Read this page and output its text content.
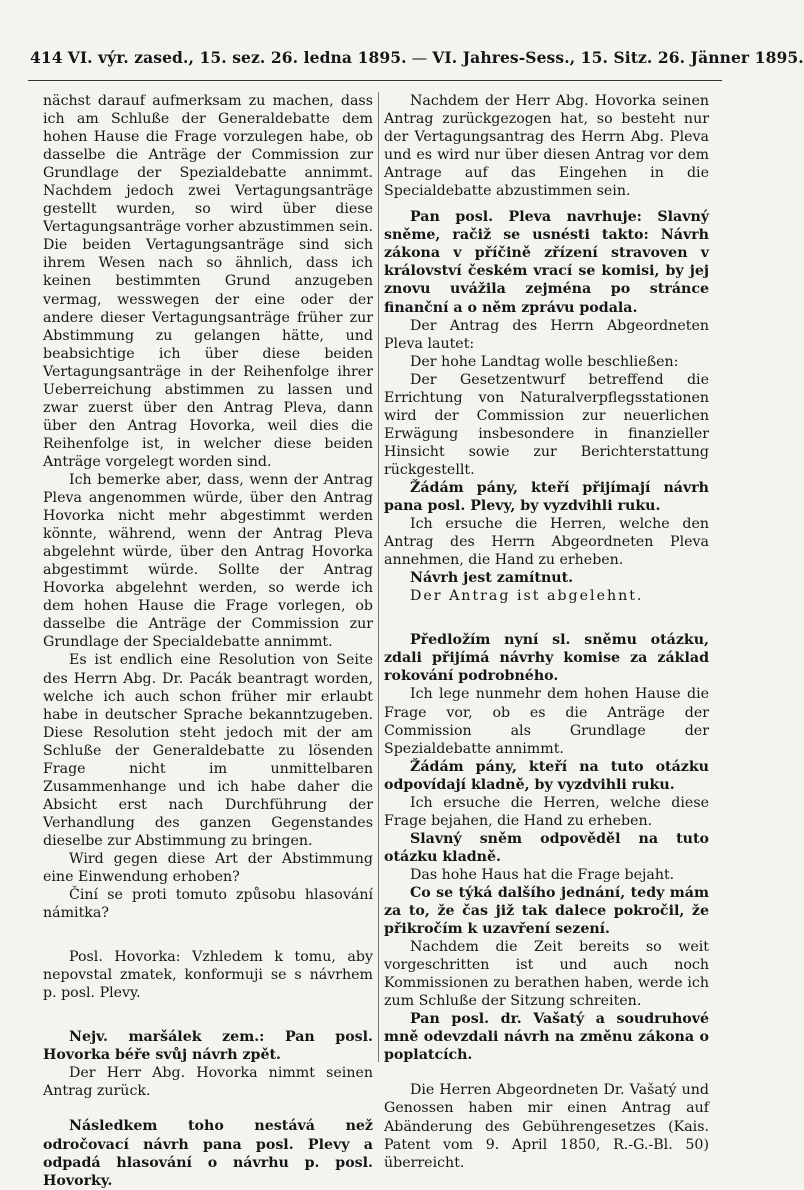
414 VI. výr. zased., 15. sez. 26. ledna 1895. — VI. Jahres-Sess., 15. Sitz. 26. Jänner 1895.

nächst darauf aufmerksam zu machen, dass ich am Schluße der Generaldebatte dem hohen Hause die Frage vorzulegen habe, ob dasselbe die Anträge der Commission zur Grundlage der Spezialdebatte annimmt. Nachdem jedoch zwei Vertagungsanträge gestellt wurden, so wird über diese Vertagungsanträge vorher abzustimmen sein. Die beiden Vertagungsanträge sind sich ihrem Wesen nach so ähnlich, dass ich keinen bestimmten Grund anzugeben vermag, wesswegen der eine oder der andere dieser Vertagungsanträge früher zur Abstimmung zu gelangen hätte, und beabsichtige ich über diese beiden Vertagungsanträge in der Reihenfolge ihrer Ueberreichung abstimmen zu lassen und zwar zuerst über den Antrag Pleva, dann über den Antrag Hovorka, weil dies die Reihenfolge ist, in welcher diese beiden Anträge vorgelegt worden sind.

Ich bemerke aber, dass, wenn der Antrag Pleva angenommen würde, über den Antrag Hovorka nicht mehr abgestimmt werden könnte, während, wenn der Antrag Pleva abgelehnt würde, über den Antrag Hovorka abgestimmt würde. Sollte der Antrag Hovorka abgelehnt werden, so werde ich dem hohen Hause die Frage vorlegen, ob dasselbe die Anträge der Commission zur Grundlage der Specialdebatte annimmt.

Es ist endlich eine Resolution von Seite des Herrn Abg. Dr. Pacák beantragt worden, welche ich auch schon früher mir erlaubt habe in deutscher Sprache bekanntzugeben. Diese Resolution steht jedoch mit der am Schluße der Generaldebatte zu lösenden Frage nicht im unmittelbaren Zusammenhange und ich habe daher die Absicht erst nach Durchführung der Verhandlung des ganzen Gegenstandes dieselbe zur Abstimmung zu bringen.

Wird gegen diese Art der Abstimmung eine Einwendung erhoben?

Činí se proti tomuto způsobu hlasování námitka?

Posl. Hovorka: Vzhledem k tomu, aby nepovstal zmatek, konformuji se s návrhem p. posl. Plevy.

Nejv. maršálek zem.: Pan posl. Hovorka béře svůj návrh zpět.

Der Herr Abg. Hovorka nimmt seinen Antrag zurück.

Následkem toho nestává než odročovací návrh pana posl. Plevy a odpadá hlasování o návrhu p. posl. Hovorky.

Nachdem der Herr Abg. Hovorka seinen Antrag zurückgezogen hat, so besteht nur der Vertagungsantrag des Herrn Abg. Pleva und es wird nur über diesen Antrag vor dem Antrage auf das Eingehen in die Specialdebatte abzustimmen sein.

Pan posl. Pleva navrhuje: Slavný sněme, račiž se usnésti takto: Návrh zákona v příčině zřízení stravoven v království českém vrací se komisi, by jej znovu uvážila zejména po stránce finanční a o něm zprávu podala.

Der Antrag des Herrn Abgeordneten Pleva lautet:

Der hohe Landtag wolle beschließen:

Der Gesetzentwurf betreffend die Errichtung von Naturalverpflegsstationen wird der Commission zur neuerlichen Erwägung insbesondere in finanzieller Hinsicht sowie zur Berichterstattung rückgestellt.

Žádám pány, kteří přijímají návrh pana posl. Plevy, by vyzdvihli ruku.

Ich ersuche die Herren, welche den Antrag des Herrn Abgeordneten Pleva annehmen, die Hand zu erheben.

Návrh jest zamítnut.

Der Antrag ist abgelehnt.

Předložím nyní sl. sněmu otázku, zdali přijímá návrhy komise za základ rokování podrobného.

Ich lege nunmehr dem hohen Hause die Frage vor, ob es die Anträge der Commission als Grundlage der Spezialdebatte annimmt.

Žádám pány, kteří na tuto otázku odpovídají kladně, by vyzdvihli ruku.

Ich ersuche die Herren, welche diese Frage bejahen, die Hand zu erheben.

Slavný sněm odpověděl na tuto otázku kladně.

Das hohe Haus hat die Frage bejaht.

Co se týká dalšího jednání, tedy mám za to, že čas již tak dalece pokročil, že přikročím k uzavření sezení.

Nachdem die Zeit bereits so weit vorgeschritten ist und auch noch Kommissionen zu berathen haben, werde ich zum Schluße der Sitzung schreiten.

Pan posl. dr. Vašatý a soudruhové mně odevzdali návrh na změnu zákona o poplatcích.

Die Herren Abgeordneten Dr. Vašatý und Genossen haben mir einen Antrag auf Abänderung des Gebührengesetzes (Kais. Patent vom 9. April 1850, R.-G.-Bl. 50) überreicht.
